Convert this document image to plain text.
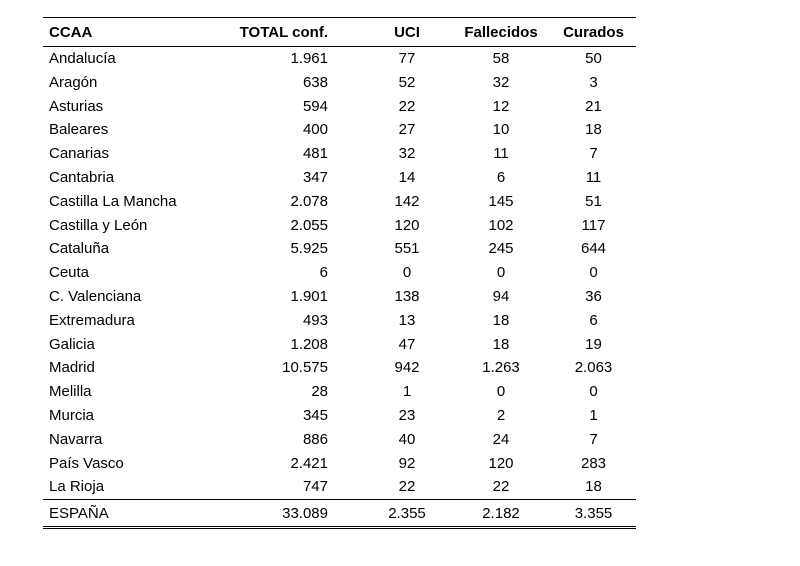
CCAA	TOTAL conf.	UCI	Fallecidos	Curados
Andalucía	1.961	77	58	50
Aragón	638	52	32	3
Asturias	594	22	12	21
Baleares	400	27	10	18
Canarias	481	32	11	7
Cantabria	347	14	6	11
Castilla La Mancha	2.078	142	145	51
Castilla y León	2.055	120	102	117
Cataluña	5.925	551	245	644
Ceuta	6	0	0	0
C. Valenciana	1.901	138	94	36
Extremadura	493	13	18	6
Galicia	1.208	47	18	19
Madrid	10.575	942	1.263	2.063
Melilla	28	1	0	0
Murcia	345	23	2	1
Navarra	886	40	24	7
País Vasco	2.421	92	120	283
La Rioja	747	22	22	18
ESPAÑA	33.089	2.355	2.182	3.355
